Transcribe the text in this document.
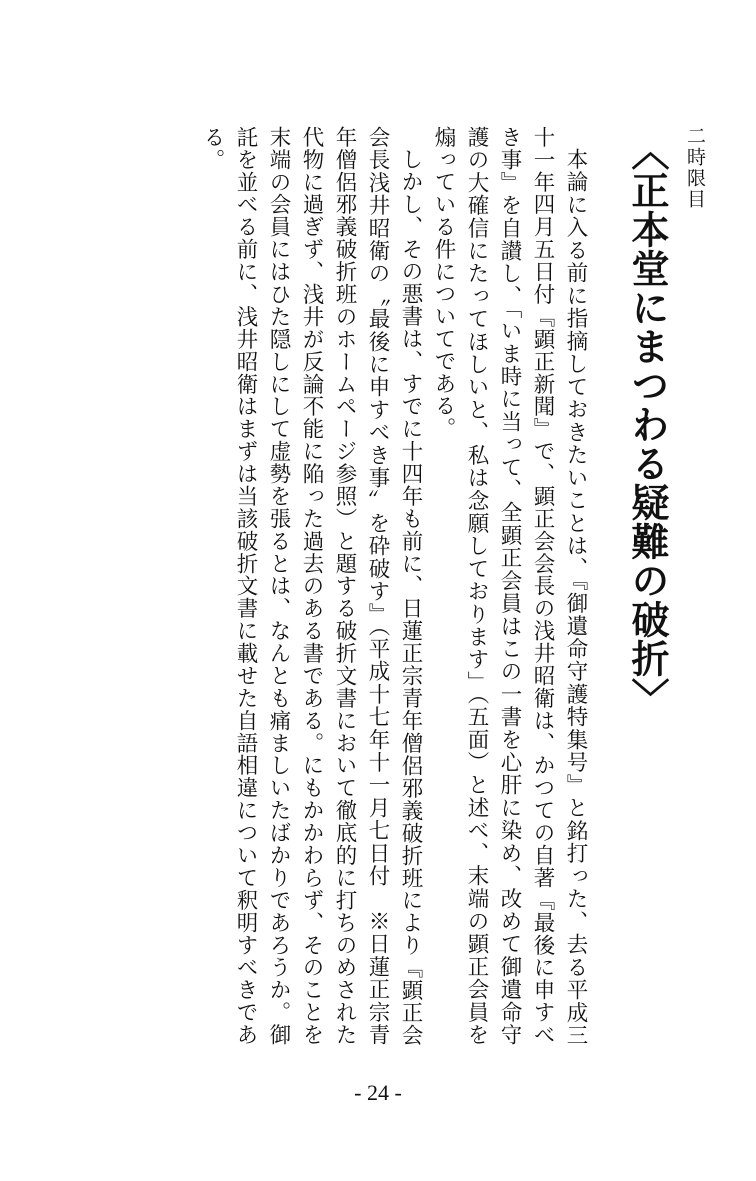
二時限目
〈正本堂にまつわる疑難の破折〉

本論に入る前に指摘しておきたいことは、『御遺命守護特集号』と銘打った、去る平成三十一年四月五日付『顕正新聞』で、顕正会会長の浅井昭衛は、かつての自著『最後に申すべき事』を自讃し、「いま時に当って、全顕正会員はこの一書を心肝に染め、改めて御遺命守護の大確信にたってほしいと、私は念願しております」（五面）と述べ、末端の顕正会員を煽っている件についてである。

しかし、その悪書は、すでに十四年も前に、日蓮正宗青年僧侶邪義破折班により『顕正会会長浅井昭衛の〝最後に申すべき事〟を砕破す』（平成十七年十一月七日付　※日蓮正宗青年僧侶邪義破折班のホームページ参照）と題する破折文書において徹底的に打ちのめされた代物に過ぎず、浅井が反論不能に陥った過去のある書である。にもかかわらず、そのことを末端の会員にはひた隠しにして虚勢を張るとは、なんとも痛ましいたばかりであろうか。御託を並べる前に、浅井昭衛はまずは当該破折文書に載せた自語相違について釈明すべきである。

- 24 -
